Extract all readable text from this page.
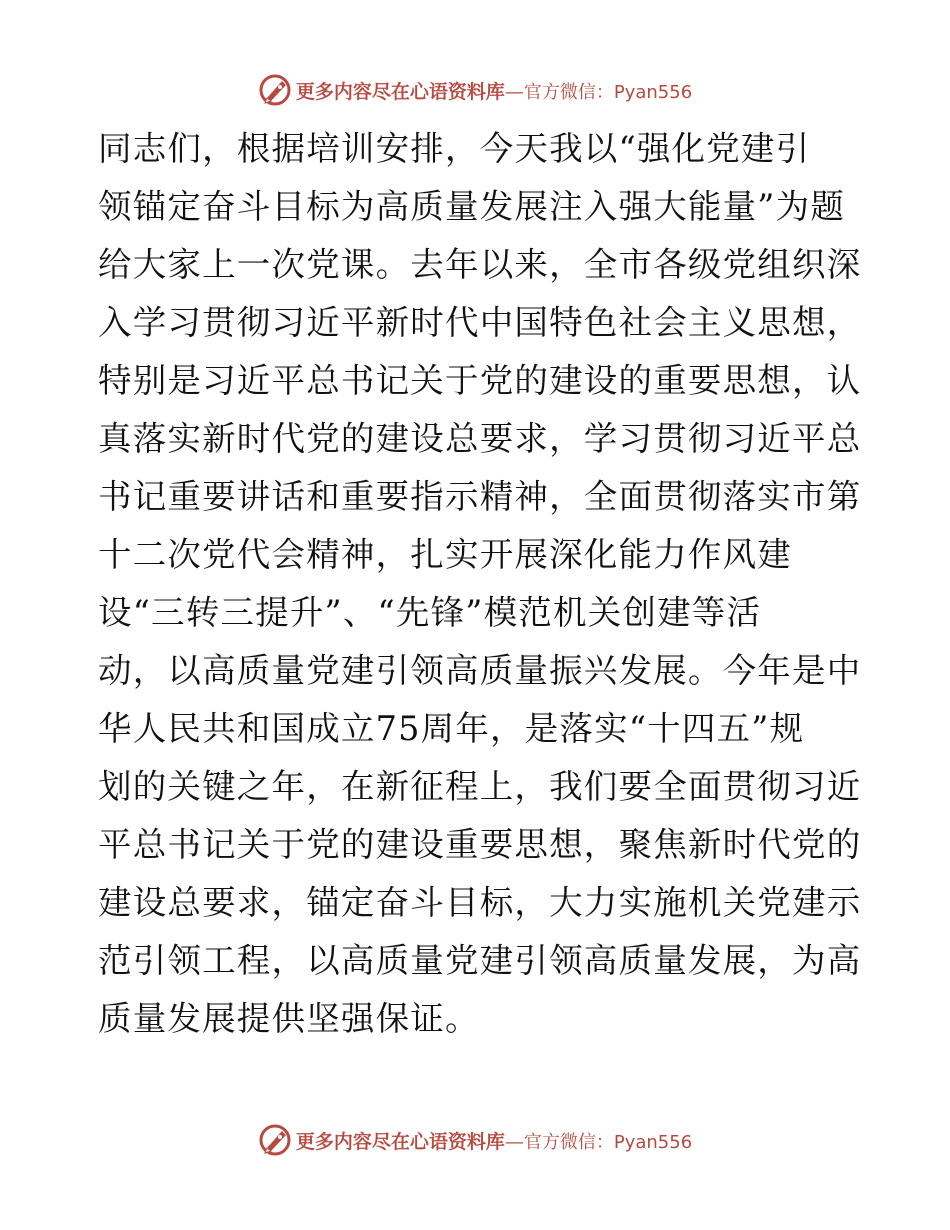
更多内容尽在心语资料库—官方微信：Pyan556
同志们，根据培训安排，今天我以“强化党建引
领锚定奋斗目标为高质量发展注入强大能量”为题
给大家上一次党课。去年以来，全市各级党组织深
入学习贯彻习近平新时代中国特色社会主义思想，
特别是习近平总书记关于党的建设的重要思想，认
真落实新时代党的建设总要求，学习贯彻习近平总
书记重要讲话和重要指示精神，全面贯彻落实市第
十二次党代会精神，扎实开展深化能力作风建
设“三转三提升”、“先锋”模范机关创建等活
动，以高质量党建引领高质量振兴发展。今年是中
华人民共和国成立75周年，是落实“十四五”规
划的关键之年，在新征程上，我们要全面贯彻习近
平总书记关于党的建设重要思想，聚焦新时代党的
建设总要求，锚定奋斗目标，大力实施机关党建示
范引领工程，以高质量党建引领高质量发展，为高
质量发展提供坚强保证。
更多内容尽在心语资料库—官方微信：Pyan556
